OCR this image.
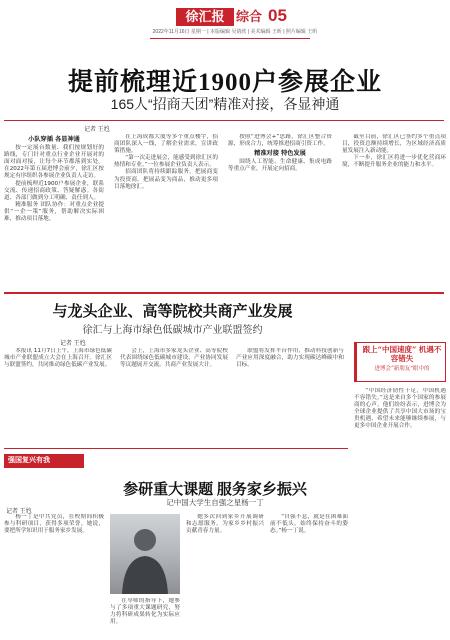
徐汇报 综合 05
2022年11月16日 星期一 | 本版编辑 吴倩欣 | 美术编辑 王昕 | 照片编辑 王昕
提前梳理近1900户参展企业
165人“招商天团”精准对接，各显神通
记者 王尥
小队穿插 各显神通

按一定展台数量、我们按规划好的路线，专门针对重点行业企业开展对的面对面对接，让每个环节都落到实处。在2022年第五届进博会前夕，徐汇区按规定有序组织各参展企业负责人走访。

提前梳理近1900户参展企业，联系交流、传递招商政策、答疑解惑。各街道、各部门做到分工明确、责任到人。

精准服务 团队协作：对重点企业提供“一企一策”服务，帮助解决实际困难，推动项目落地。

在上海成都大厦等多个重点楼宇，招商团队深入一线，了解企业需求，宣讲政策措施。

“第一次走进展会，能感受到徐汇区的热情和专业。”一位参展企业负责人表示。

招商团队将持续跟踪服务，把展商变为投资商，把展品变为商品，推动更多项目落地徐汇。

按照“进博会+”思路，徐汇区整合资源，形成合力，统筹推进招商引资工作。

精准对接 特色发展

围绕人工智能、生命健康、集成电路等重点产业，开展定向招商。

截至目前，徐汇区已签约多个重点项目，投资总额持续增长，为区域经济高质量发展注入新动能。

下一步，徐汇区将进一步优化营商环境，不断提升服务企业的能力和水平。

与龙头企业、高等院校共商产业发展
徐汇与上海市绿色低碳城市产业联盟签约
记者 王尥

本报讯 11月7日上午，上海市绿色低碳城市产业联盟成立大会在上海召开。徐汇区与联盟签约，共同推动绿色低碳产业发展。

会上，上海市多家龙头企业、高等院校代表围绕绿色低碳城市建设、产业协同发展等议题展开交流，共商产业发展大计。

联盟将发挥平台作用，推动科技创新与产业应用深度融合，助力实现碳达峰碳中和目标。

跟上“中国速度” 机遇不容错失
进博会“新朋友”眼中的

“中国经济韧性十足，中国机遇不容错失。”这是来自多个国家的参展商的心声。他们纷纷表示，进博会为全球企业提供了共享中国大市场的宝贵机遇，希望未来能够继续参展，与更多中国企业开展合作。

强国复兴有我
参研重大课题 服务家乡振兴
记中国大学生自强之星杨一丁
记者 王尥

杨一丁是中共党员，在校期间积极参与科研项目，获得多项荣誉。她说，要把所学知识用于服务家乡发展。

在导师的指导下，她参与了多项重大课题研究，努力将科研成果转化为实际应用。

她多次回到家乡开展调研和志愿服务，为家乡乡村振兴贡献青春力量。

“自强不息，就是在困难面前不低头，始终保持奋斗的姿态。”杨一丁说。
